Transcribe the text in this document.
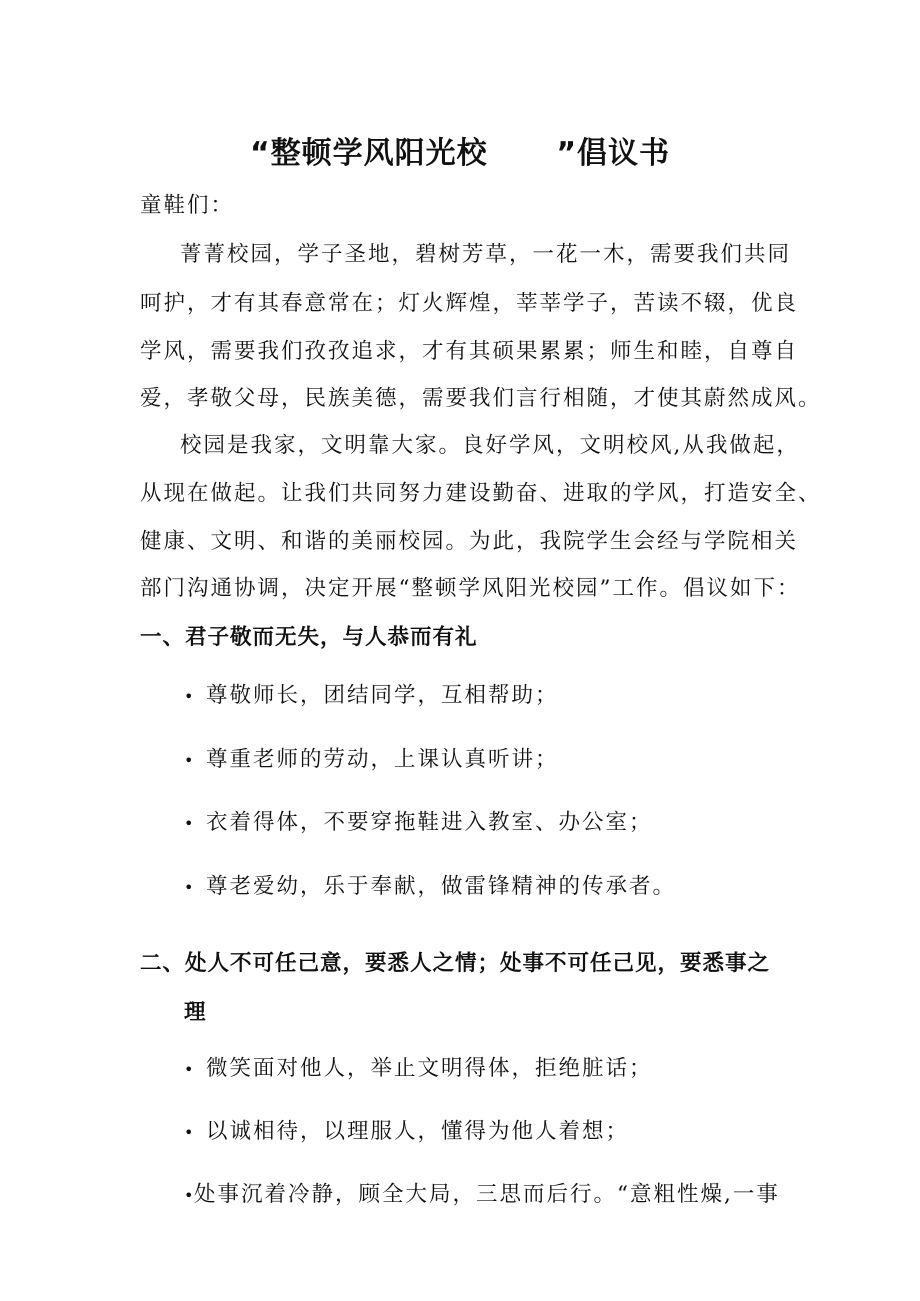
“整顿学风阳光校      ”倡议书
童鞋们：
菁菁校园，学子圣地，碧树芳草，一花一木，需要我们共同
呵护，才有其春意常在；灯火辉煌，莘莘学子，苦读不辍，优良
学风，需要我们孜孜追求，才有其硕果累累；师生和睦，自尊自
爱，孝敬父母，民族美德，需要我们言行相随，才使其蔚然成风。
校园是我家，文明靠大家。良好学风，文明校风,从我做起，
从现在做起。让我们共同努力建设勤奋、进取的学风，打造安全、
健康、文明、和谐的美丽校园。为此，我院学生会经与学院相关
部门沟通协调，决定开展“整顿学风阳光校园”工作。倡议如下：
一、君子敬而无失，与人恭而有礼
• 尊敬师长，团结同学，互相帮助；
• 尊重老师的劳动，上课认真听讲；
• 衣着得体，不要穿拖鞋进入教室、办公室；
• 尊老爱幼，乐于奉献，做雷锋精神的传承者。
二、处人不可任己意，要悉人之情；处事不可任己见，要悉事之
理
• 微笑面对他人，举止文明得体，拒绝脏话；
• 以诚相待，以理服人，懂得为他人着想；
•处事沉着冷静，顾全大局，三思而后行。“意粗性燥,一事
